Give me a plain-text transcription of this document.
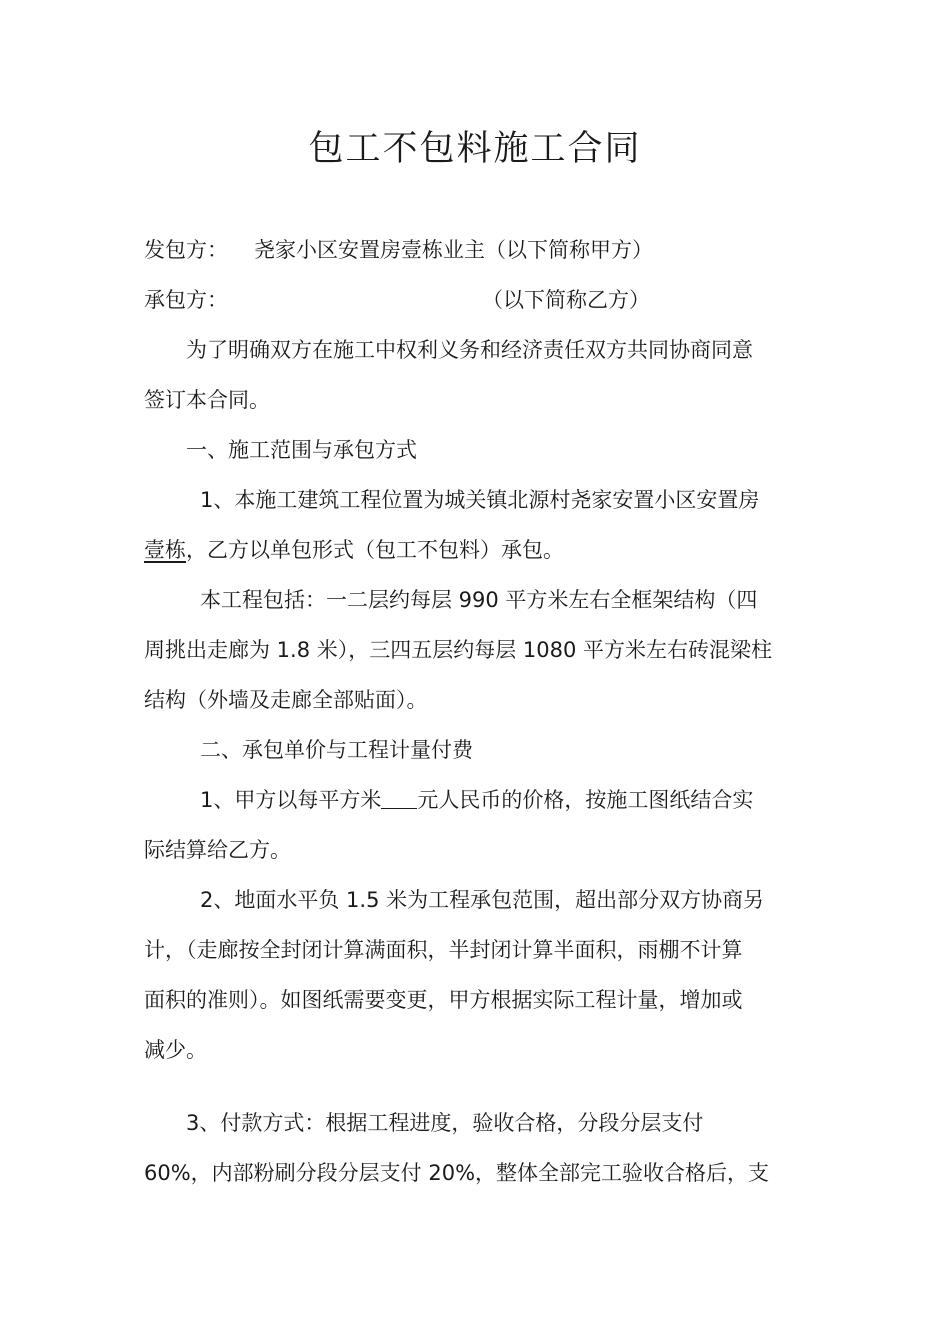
包工不包料施工合同
发包方： 尧家小区安置房壹栋业主（以下简称甲方）
承包方：	（以下简称乙方）
为了明确双方在施工中权利义务和经济责任双方共同协商同意
签订本合同。
一、施工范围与承包方式
1、本施工建筑工程位置为城关镇北源村尧家安置小区安置房
壹栋，乙方以单包形式（包工不包料）承包。
本工程包括：一二层约每层 990 平方米左右全框架结构（四
周挑出走廊为 1.8 米），三四五层约每层 1080 平方米左右砖混梁柱
结构（外墙及走廊全部贴面）。
二、承包单价与工程计量付费
1、甲方以每平方米 元人民币的价格，按施工图纸结合实
际结算给乙方。
2、地面水平负 1.5 米为工程承包范围，超出部分双方协商另
计，（走廊按全封闭计算满面积，半封闭计算半面积，雨棚不计算
面积的准则）。如图纸需要变更，甲方根据实际工程计量，增加或
减少。
3、付款方式：根据工程进度，验收合格，分段分层支付
60%，内部粉刷分段分层支付 20%，整体全部完工验收合格后，支
